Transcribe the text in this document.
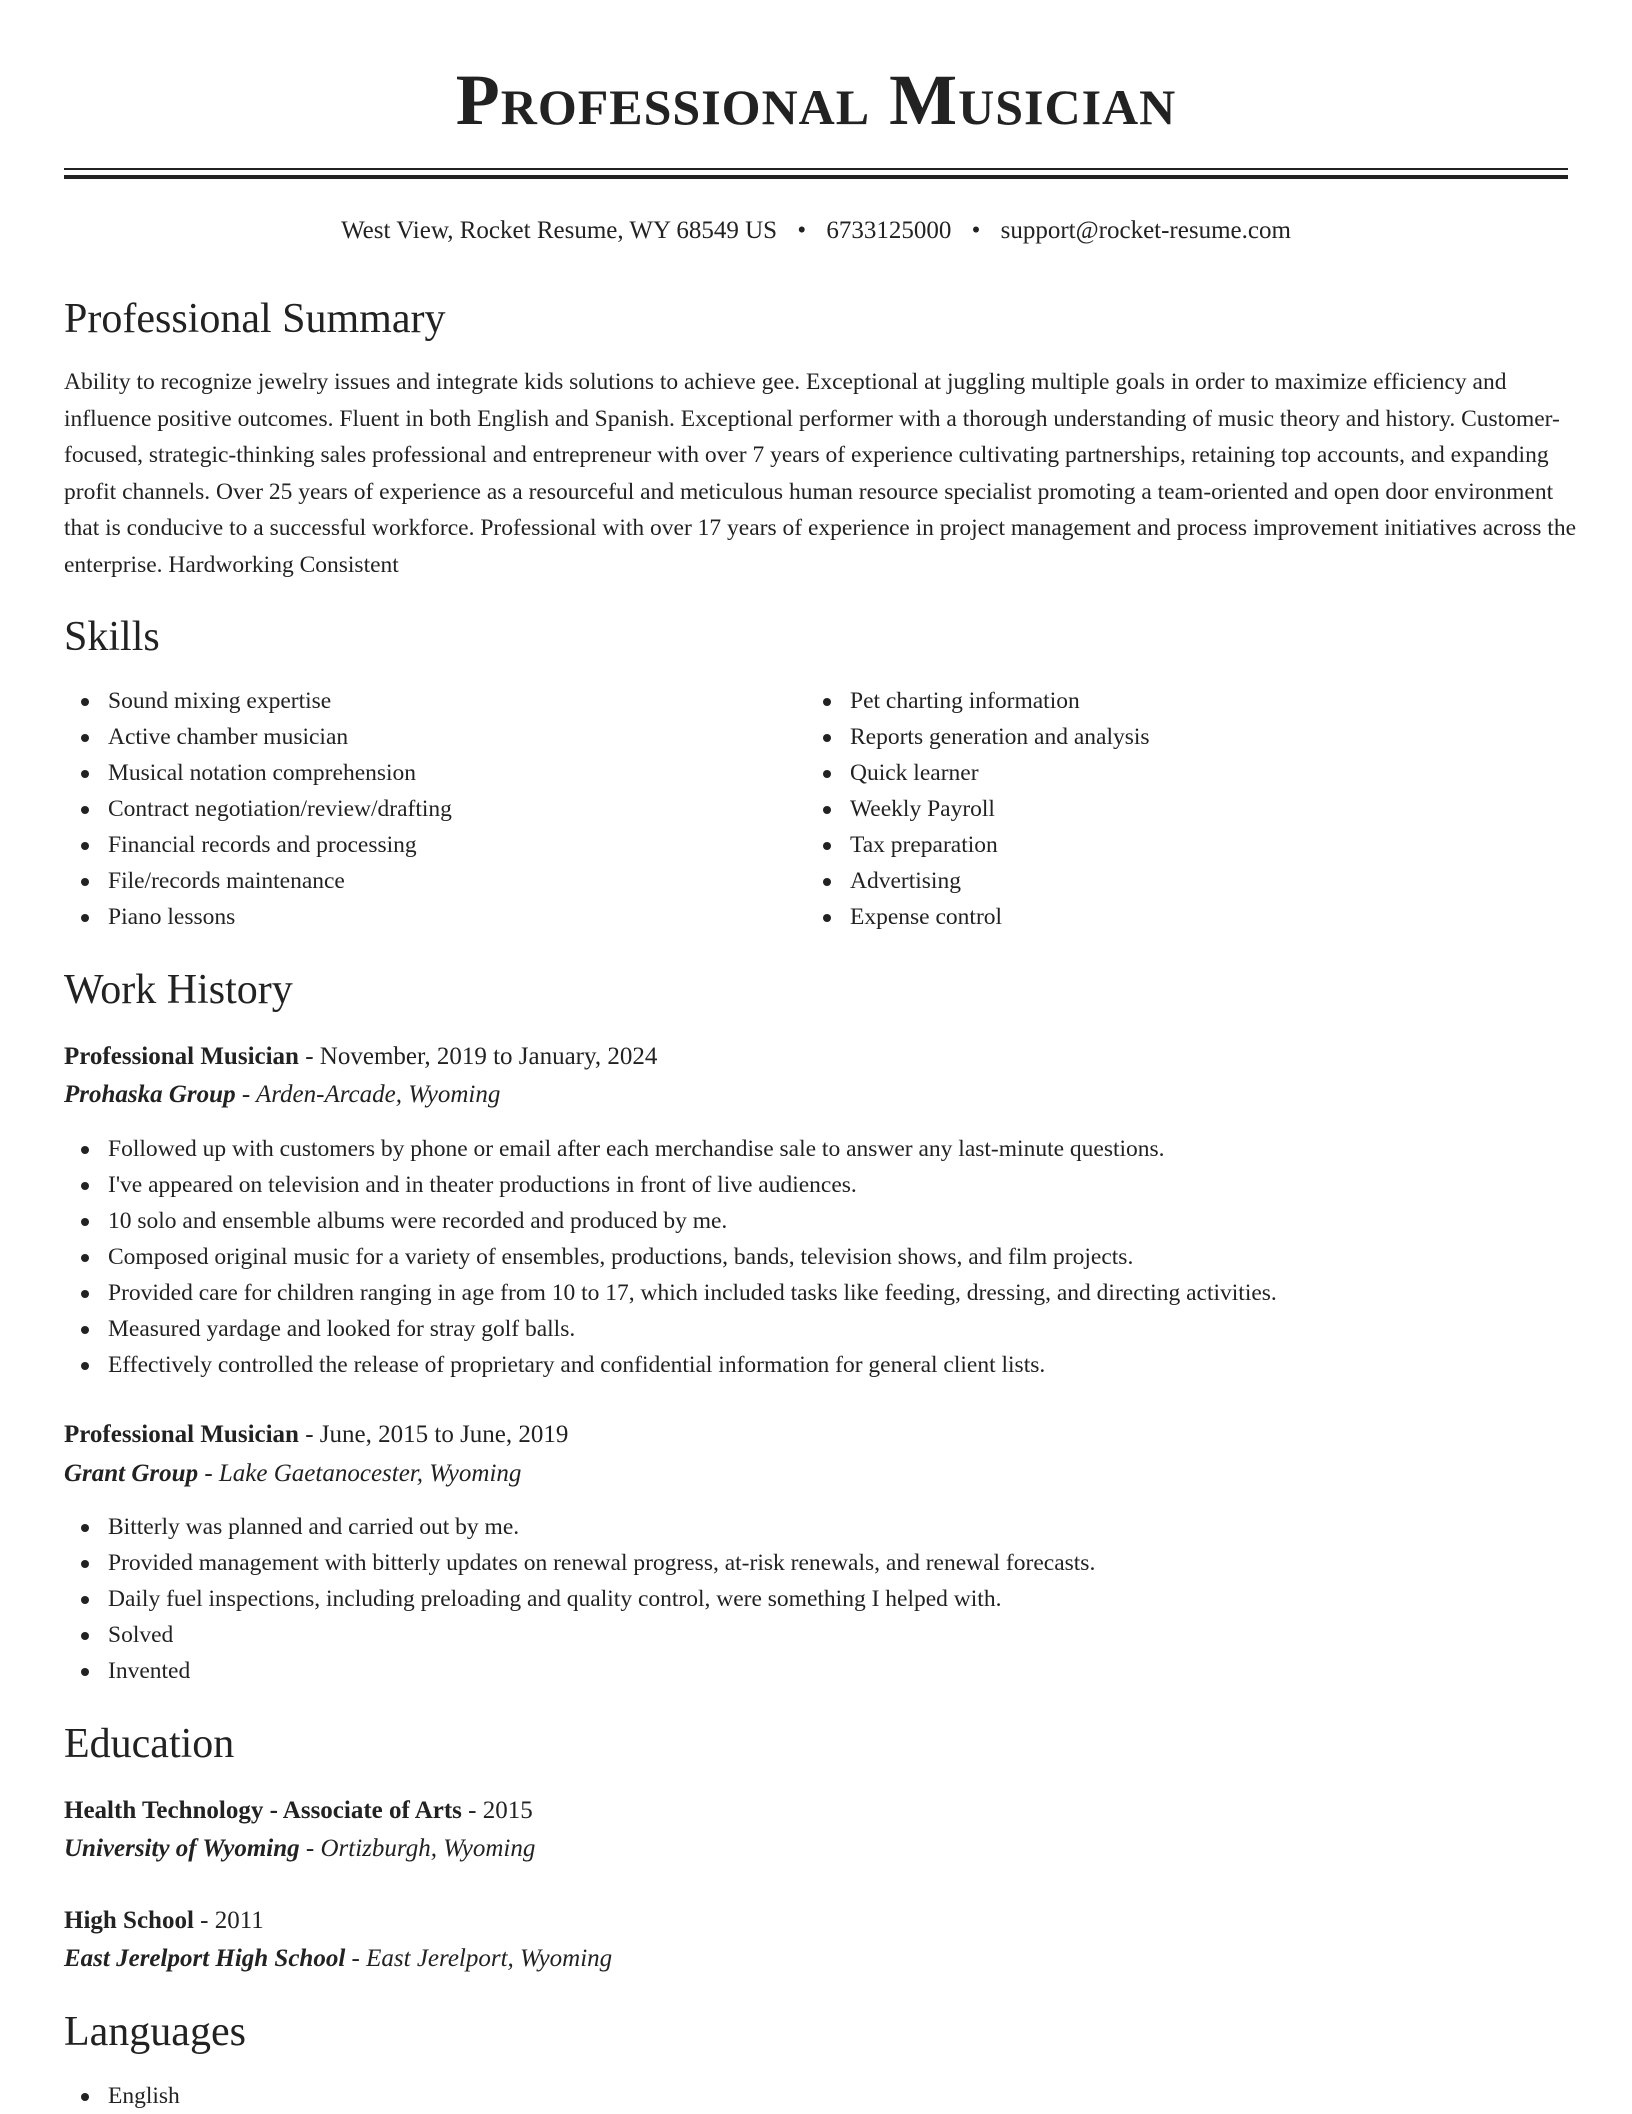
Professional Musician
West View, Rocket Resume, WY 68549 US • 6733125000 • support@rocket-resume.com
Professional Summary
Ability to recognize jewelry issues and integrate kids solutions to achieve gee. Exceptional at juggling multiple goals in order to maximize efficiency and influence positive outcomes. Fluent in both English and Spanish. Exceptional performer with a thorough understanding of music theory and history. Customer-focused, strategic-thinking sales professional and entrepreneur with over 7 years of experience cultivating partnerships, retaining top accounts, and expanding profit channels. Over 25 years of experience as a resourceful and meticulous human resource specialist promoting a team-oriented and open door environment that is conducive to a successful workforce. Professional with over 17 years of experience in project management and process improvement initiatives across the enterprise. Hardworking Consistent
Skills
Sound mixing expertise
Active chamber musician
Musical notation comprehension
Contract negotiation/review/drafting
Financial records and processing
File/records maintenance
Piano lessons
Pet charting information
Reports generation and analysis
Quick learner
Weekly Payroll
Tax preparation
Advertising
Expense control
Work History
Professional Musician - November, 2019 to January, 2024
Prohaska Group - Arden-Arcade, Wyoming
Followed up with customers by phone or email after each merchandise sale to answer any last-minute questions.
I've appeared on television and in theater productions in front of live audiences.
10 solo and ensemble albums were recorded and produced by me.
Composed original music for a variety of ensembles, productions, bands, television shows, and film projects.
Provided care for children ranging in age from 10 to 17, which included tasks like feeding, dressing, and directing activities.
Measured yardage and looked for stray golf balls.
Effectively controlled the release of proprietary and confidential information for general client lists.
Professional Musician - June, 2015 to June, 2019
Grant Group - Lake Gaetanocester, Wyoming
Bitterly was planned and carried out by me.
Provided management with bitterly updates on renewal progress, at-risk renewals, and renewal forecasts.
Daily fuel inspections, including preloading and quality control, were something I helped with.
Solved
Invented
Education
Health Technology - Associate of Arts - 2015
University of Wyoming - Ortizburgh, Wyoming
High School - 2011
East Jerelport High School - East Jerelport, Wyoming
Languages
English
